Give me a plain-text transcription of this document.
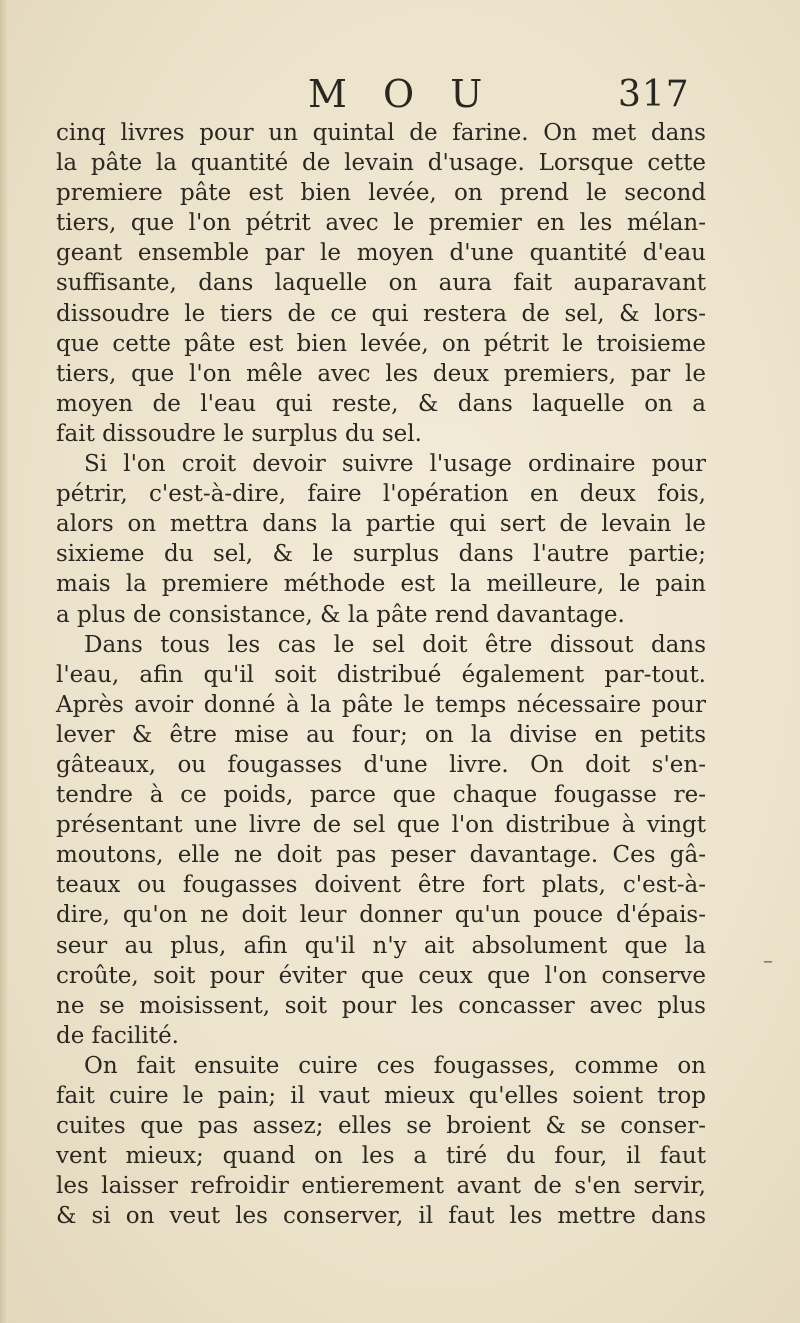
M O U	317
cinq livres pour un quintal de farine. On met dans
la pâte la quantité de levain d'usage. Lorsque cette
premiere pâte est bien levée, on prend le second
tiers, que l'on pétrit avec le premier en les mélan-
geant ensemble par le moyen d'une quantité d'eau
suffisante, dans laquelle on aura fait auparavant
dissoudre le tiers de ce qui restera de sel, & lors-
que cette pâte est bien levée, on pétrit le troisieme
tiers, que l'on mêle avec les deux premiers, par le
moyen de l'eau qui reste, & dans laquelle on a
fait dissoudre le surplus du sel.
Si l'on croit devoir suivre l'usage ordinaire pour
pétrir, c'est-à-dire, faire l'opération en deux fois,
alors on mettra dans la partie qui sert de levain le
sixieme du sel, & le surplus dans l'autre partie;
mais la premiere méthode est la meilleure, le pain
a plus de consistance, & la pâte rend davantage.
Dans tous les cas le sel doit être dissout dans
l'eau, afin qu'il soit distribué également par-tout.
Après avoir donné à la pâte le temps nécessaire pour
lever & être mise au four; on la divise en petits
gâteaux, ou fougasses d'une livre. On doit s'en-
tendre à ce poids, parce que chaque fougasse re-
présentant une livre de sel que l'on distribue à vingt
moutons, elle ne doit pas peser davantage. Ces gâ-
teaux ou fougasses doivent être fort plats, c'est-à-
dire, qu'on ne doit leur donner qu'un pouce d'épais-
seur au plus, afin qu'il n'y ait absolument que la
croûte, soit pour éviter que ceux que l'on conserve
ne se moisissent, soit pour les concasser avec plus
de facilité.
On fait ensuite cuire ces fougasses, comme on
fait cuire le pain; il vaut mieux qu'elles soient trop
cuites que pas assez; elles se broient & se conser-
vent mieux; quand on les a tiré du four, il faut
les laisser refroidir entierement avant de s'en servir,
& si on veut les conserver, il faut les mettre dans
–
